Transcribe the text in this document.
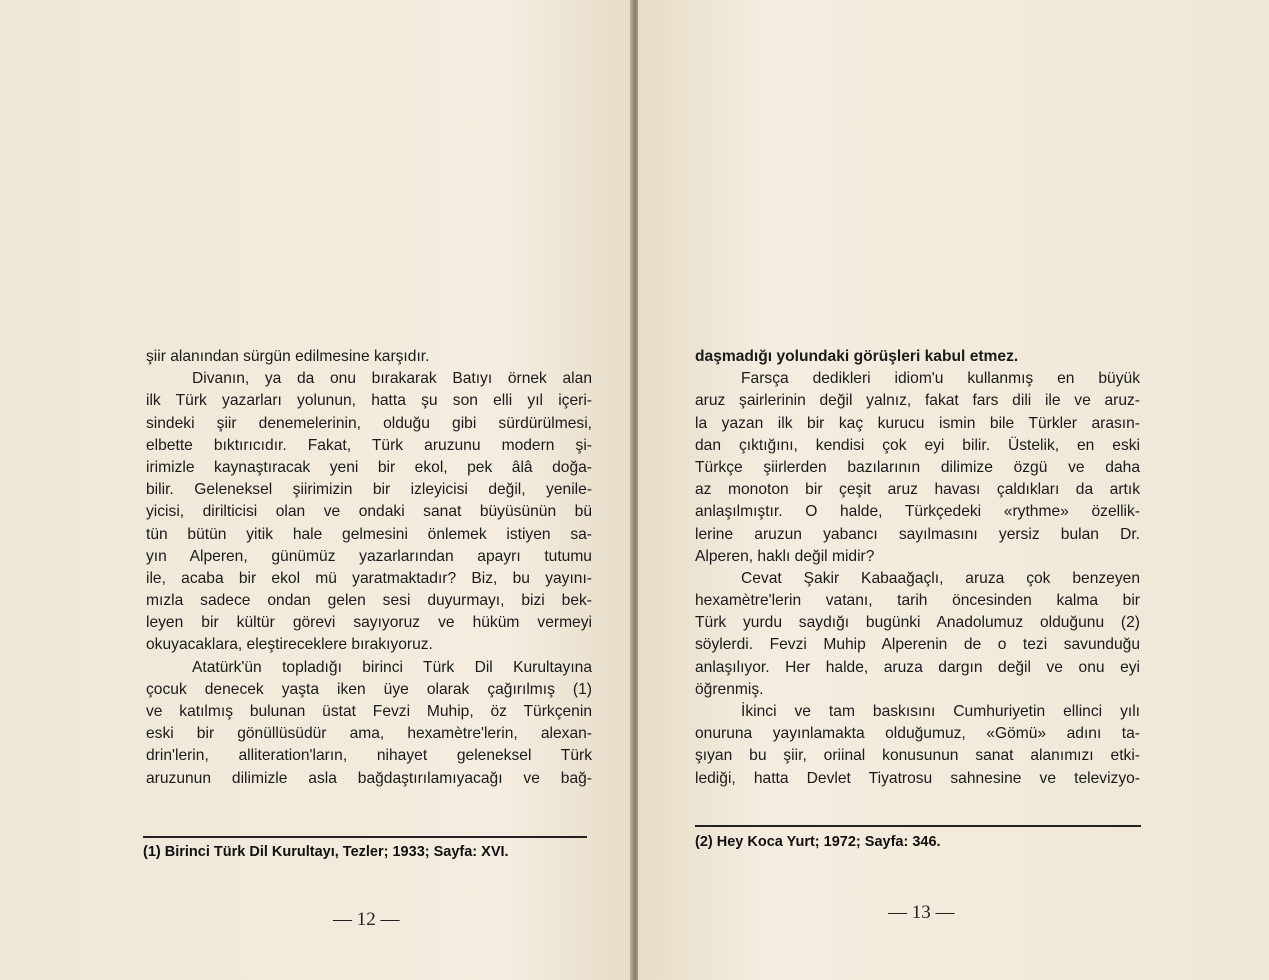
şiir alanından sürgün edilmesine karşıdır.
Divanın, ya da onu bırakarak Batıyı örnek alan
ilk Türk yazarları yolunun, hatta şu son elli yıl içeri-
sindeki şiir denemelerinin, olduğu gibi sürdürülmesi,
elbette bıktırıcıdır. Fakat, Türk aruzunu modern şi-
irimizle kaynaştıracak yeni bir ekol, pek âlâ doğa-
bilir. Geleneksel şiirimizin bir izleyicisi değil, yenile-
yicisi, dirilticisi olan ve ondaki sanat büyüsünün bü
tün bütün yitik hale gelmesini önlemek istiyen sa-
yın Alperen, günümüz yazarlarından apayrı tutumu
ile, acaba bir ekol mü yaratmaktadır? Biz, bu yayını-
mızla sadece ondan gelen sesi duyurmayı, bizi bek-
leyen bir kültür görevi sayıyoruz ve hüküm vermeyi
okuyacaklara, eleştireceklere bırakıyoruz.
Atatürk'ün topladığı birinci Türk Dil Kurultayına
çocuk denecek yaşta iken üye olarak çağırılmış (1)
ve katılmış bulunan üstat Fevzi Muhip, öz Türkçenin
eski bir gönüllüsüdür ama, hexamètre'lerin, alexan-
drin'lerin, alliteration'ların, nihayet geleneksel Türk
aruzunun dilimizle asla bağdaştırılamıyacağı ve bağ-
(1) Birinci Türk Dil Kurultayı, Tezler; 1933; Sayfa: XVI.
— 12 —
daşmadığı yolundaki görüşleri kabul etmez.
Farsça dedikleri idiom'u kullanmış en büyük
aruz şairlerinin değil yalnız, fakat fars dili ile ve aruz-
la yazan ilk bir kaç kurucu ismin bile Türkler arasın-
dan çıktığını, kendisi çok eyi bilir. Üstelik, en eski
Türkçe şiirlerden bazılarının dilimize özgü ve daha
az monoton bir çeşit aruz havası çaldıkları da artık
anlaşılmıştır. O halde, Türkçedeki «rythme» özellik-
lerine aruzun yabancı sayılmasını yersiz bulan Dr.
Alperen, haklı değil midir?
Cevat Şakir Kabaağaçlı, aruza çok benzeyen
hexamètre'lerin vatanı, tarih öncesinden kalma bir
Türk yurdu saydığı bugünki Anadolumuz olduğunu (2)
söylerdi. Fevzi Muhip Alperenin de o tezi savunduğu
anlaşılıyor. Her halde, aruza dargın değil ve onu eyi
öğrenmiş.
İkinci ve tam baskısını Cumhuriyetin ellinci yılı
onuruna yayınlamakta olduğumuz, «Gömü» adını ta-
şıyan bu şiir, oriinal konusunun sanat alanımızı etki-
lediği, hatta Devlet Tiyatrosu sahnesine ve televizyo-
(2) Hey Koca Yurt; 1972; Sayfa: 346.
— 13 —
